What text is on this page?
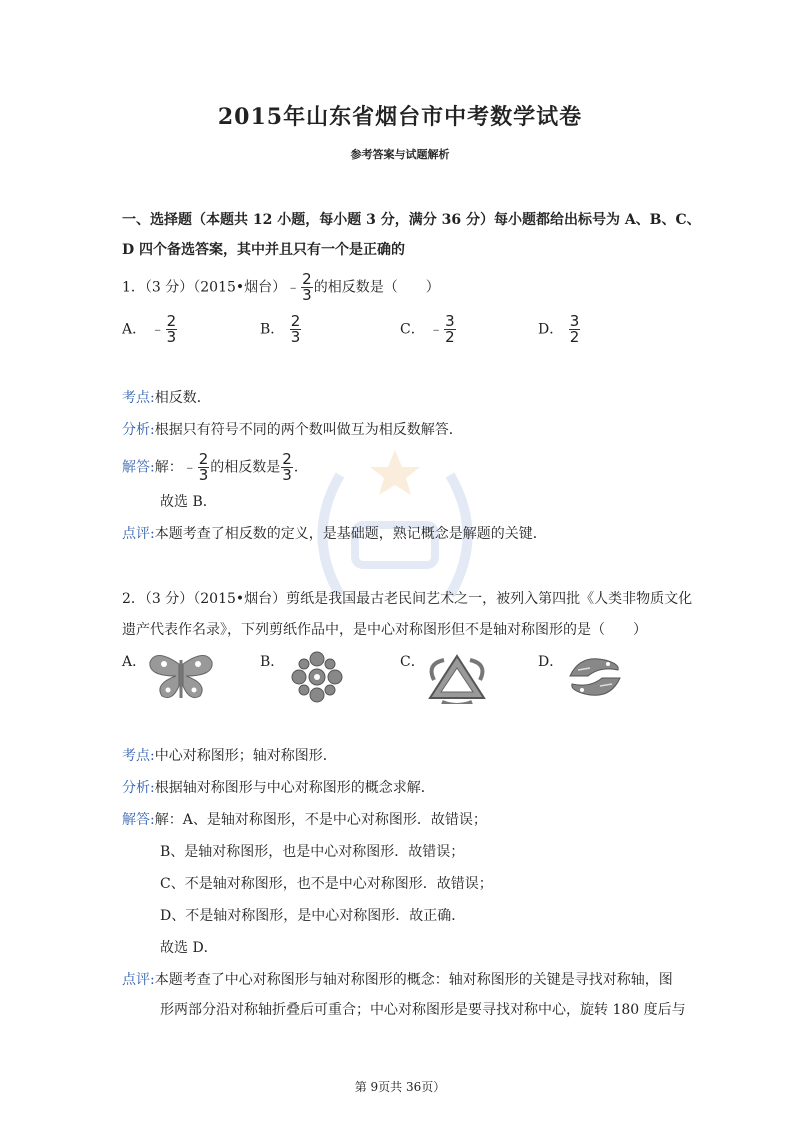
2015年山东省烟台市中考数学试卷
参考答案与试题解析
一、选择题（本题共 12 小题，每小题 3 分，满分 36 分）每小题都给出标号为 A、B、C、
D 四个备选答案，其中并且只有一个是正确的
1．（3 分）（2015•烟台）﹣ $\frac{2}{3}$ 的相反数是（　　）
A． ﹣ $\frac{2}{3}$	B． $\frac{2}{3}$	C． ﹣ $\frac{3}{2}$	D． $\frac{3}{2}$
考点:相反数．
分析:根据只有符号不同的两个数叫做互为相反数解答．
解答:解：﹣ $\frac{2}{3}$ 的相反数是 $\frac{2}{3}$ ．
故选 B．
点评:本题考查了相反数的定义，是基础题，熟记概念是解题的关键．
2．（3 分）（2015•烟台）剪纸是我国最古老民间艺术之一，被列入第四批《人类非物质文化
遗产代表作名录》，下列剪纸作品中，是中心对称图形但不是轴对称图形的是（　　）
A．	B．	C．	D．
考点:中心对称图形；轴对称图形．
分析:根据轴对称图形与中心对称图形的概念求解．
解答:解：A、是轴对称图形，不是中心对称图形．故错误；
B、是轴对称图形，也是中心对称图形．故错误；
C、不是轴对称图形，也不是中心对称图形．故错误；
D、不是轴对称图形，是中心对称图形．故正确．
故选 D．
点评:本题考查了中心对称图形与轴对称图形的概念：轴对称图形的关键是寻找对称轴，图
形两部分沿对称轴折叠后可重合；中心对称图形是要寻找对称中心，旋转 180 度后与
第 9页共 36页）
